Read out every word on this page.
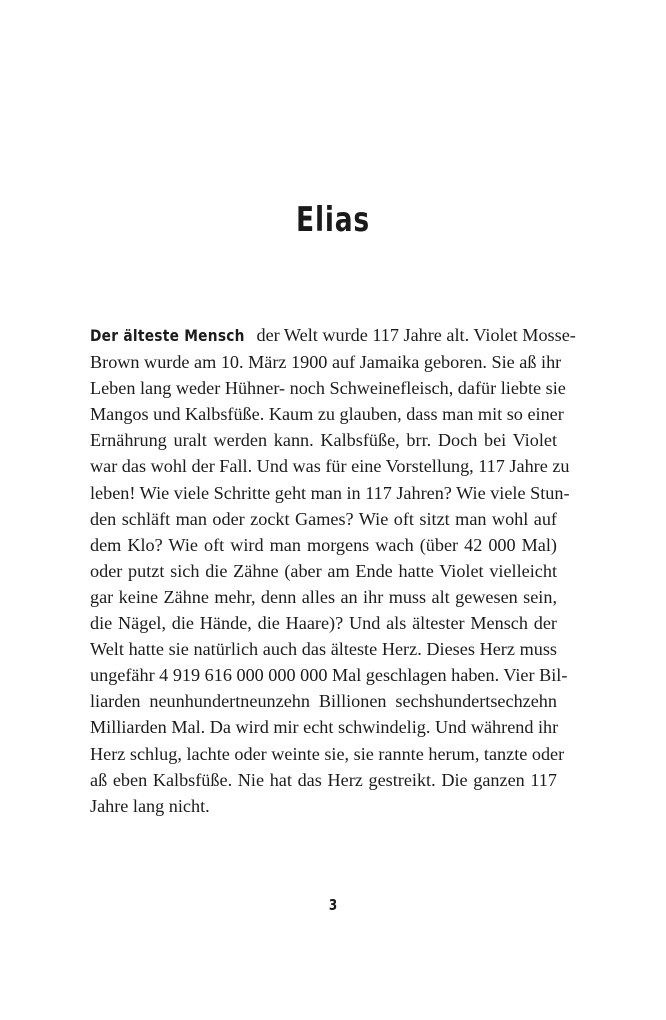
Elias
Der älteste Mensch der Welt wurde 117 Jahre alt. Violet Mosse-
Brown wurde am 10. März 1900 auf Jamaika geboren. Sie aß ihr
Leben lang weder Hühner- noch Schweinefleisch, dafür liebte sie
Mangos und Kalbsfüße. Kaum zu glauben, dass man mit so einer
Ernährung uralt werden kann. Kalbsfüße, brr. Doch bei Violet
war das wohl der Fall. Und was für eine Vorstellung, 117 Jahre zu
leben! Wie viele Schritte geht man in 117 Jahren? Wie viele Stun-
den schläft man oder zockt Games? Wie oft sitzt man wohl auf
dem Klo? Wie oft wird man morgens wach (über 42 000 Mal)
oder putzt sich die Zähne (aber am Ende hatte Violet vielleicht
gar keine Zähne mehr, denn alles an ihr muss alt gewesen sein,
die Nägel, die Hände, die Haare)? Und als ältester Mensch der
Welt hatte sie natürlich auch das älteste Herz. Dieses Herz muss
ungefähr 4 919 616 000 000 000 Mal geschlagen haben. Vier Bil-
liarden neunhundertneunzehn Billionen sechshundertsechzehn
Milliarden Mal. Da wird mir echt schwindelig. Und während ihr
Herz schlug, lachte oder weinte sie, sie rannte herum, tanzte oder
aß eben Kalbsfüße. Nie hat das Herz gestreikt. Die ganzen 117
Jahre lang nicht.
3
